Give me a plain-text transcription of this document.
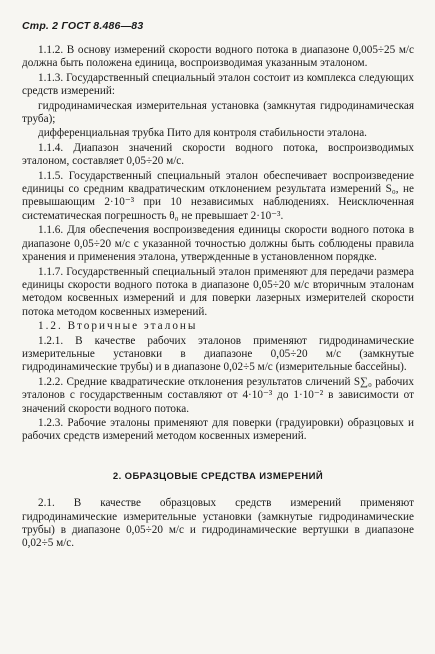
Стр. 2 ГОСТ 8.486—83

1.1.2. В основу измерений скорости водного потока в диапазоне 0,005÷25 м/с должна быть положена единица, воспроизводимая указанным эталоном.

1.1.3. Государственный специальный эталон состоит из комплекса следующих средств измерений:

гидродинамическая измерительная установка (замкнутая гидродинамическая труба);

дифференциальная трубка Пито для контроля стабильности эталона.

1.1.4. Диапазон значений скорости водного потока, воспроизводимых эталоном, составляет 0,05÷20 м/с.

1.1.5. Государственный специальный эталон обеспечивает воспроизведение единицы со средним квадратическим отклонением результата измерений S₀, не превышающим 2·10⁻³ при 10 независимых наблюдениях. Неисключенная систематическая погрешность θ₀ не превышает 2·10⁻³.

1.1.6. Для обеспечения воспроизведения единицы скорости водного потока в диапазоне 0,05÷20 м/с с указанной точностью должны быть соблюдены правила хранения и применения эталона, утвержденные в установленном порядке.

1.1.7. Государственный специальный эталон применяют для передачи размера единицы скорости водного потока в диапазоне 0,05÷20 м/с вторичным эталонам методом косвенных измерений и для поверки лазерных измерителей скорости потока методом косвенных измерений.

1.2. Вторичные эталоны

1.2.1. В качестве рабочих эталонов применяют гидродинамические измерительные установки в диапазоне 0,05÷20 м/с (замкнутые гидродинамические трубы) и в диапазоне 0,02÷5 м/с (измерительные бассейны).

1.2.2. Средние квадратические отклонения результатов сличений S∑₀ рабочих эталонов с государственным составляют от 4·10⁻³ до 1·10⁻² в зависимости от значений скорости водного потока.

1.2.3. Рабочие эталоны применяют для поверки (градуировки) образцовых и рабочих средств измерений методом косвенных измерений.

2. ОБРАЗЦОВЫЕ СРЕДСТВА ИЗМЕРЕНИЙ

2.1. В качестве образцовых средств измерений применяют гидродинамические измерительные установки (замкнутые гидродинамические трубы) в диапазоне 0,05÷20 м/с и гидродинамические вертушки в диапазоне 0,02÷5 м/с.
